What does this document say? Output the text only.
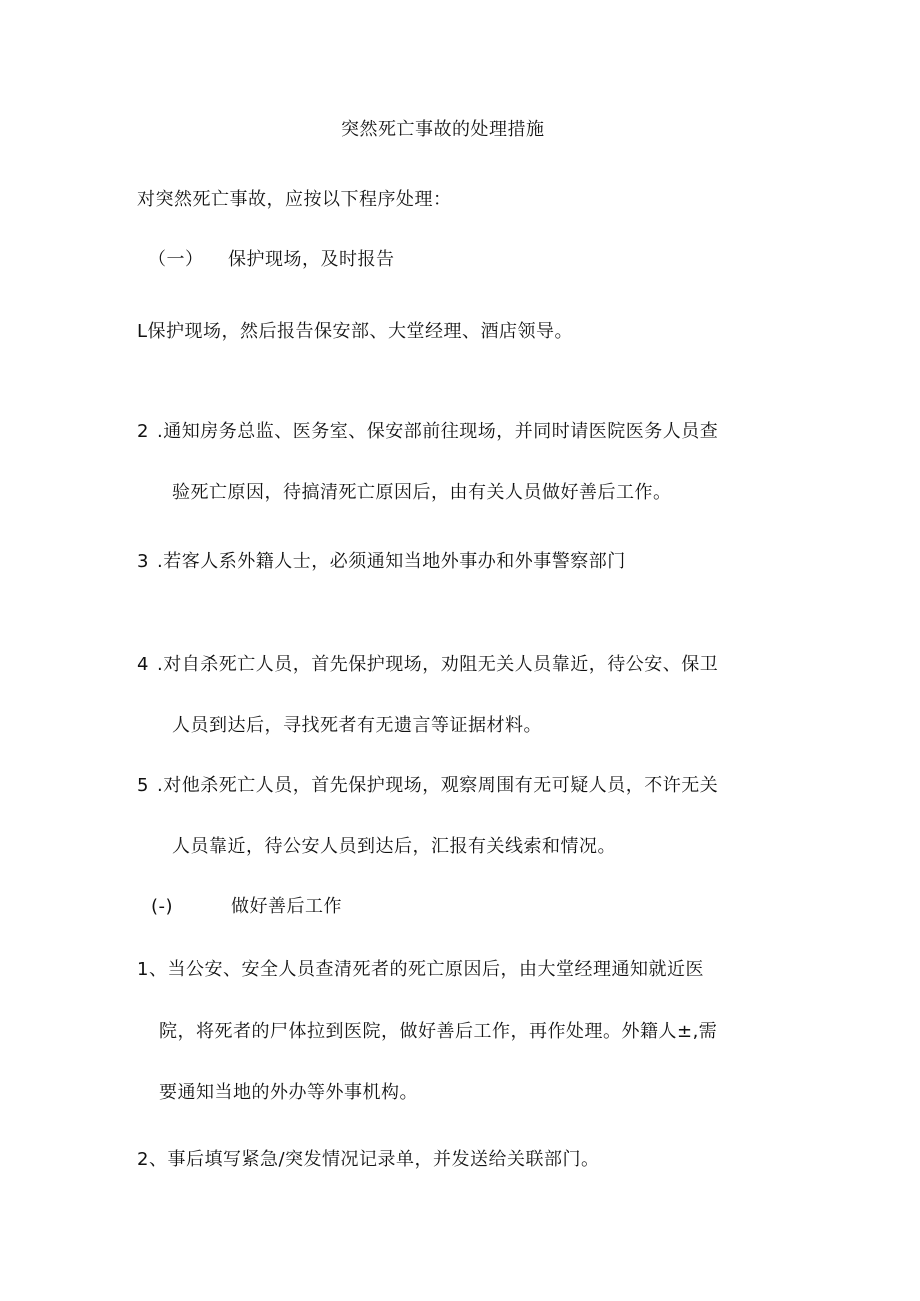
突然死亡事故的处理措施
对突然死亡事故，应按以下程序处理：
（一） 保护现场，及时报告
L保护现场，然后报告保安部、大堂经理、酒店领导。
2 .通知房务总监、医务室、保安部前往现场，并同时请医院医务人员查
验死亡原因，待搞清死亡原因后，由有关人员做好善后工作。
3 .若客人系外籍人士，必须通知当地外事办和外事警察部门
4 .对自杀死亡人员，首先保护现场，劝阻无关人员靠近，待公安、保卫
人员到达后，寻找死者有无遗言等证据材料。
5 .对他杀死亡人员，首先保护现场，观察周围有无可疑人员，不许无关
人员靠近，待公安人员到达后，汇报有关线索和情况。
(-)	做好善后工作
1、当公安、安全人员查清死者的死亡原因后，由大堂经理通知就近医
院，将死者的尸体拉到医院，做好善后工作，再作处理。外籍人±,需
要通知当地的外办等外事机构。
2、事后填写紧急/突发情况记录单，并发送给关联部门。
